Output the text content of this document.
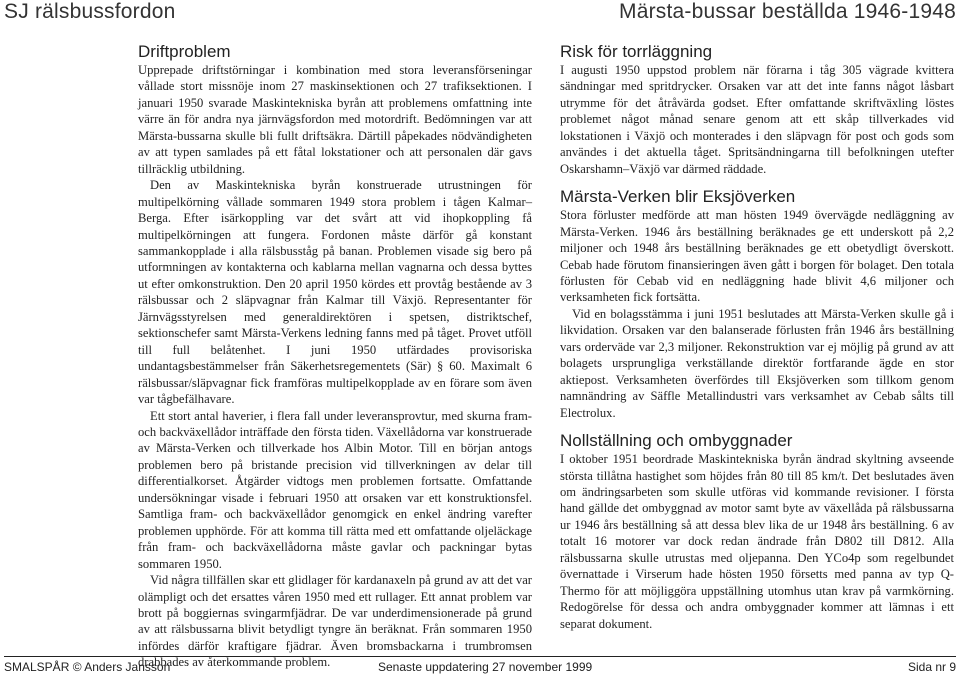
SJ rälsbussfordon	Märsta-bussar beställda 1946-1948
Driftproblem

Upprepade driftstörningar i kombination med stora leveransförseningar vållade stort missnöje inom 27 maskinsektionen och 27 trafiksektionen. I januari 1950 svarade Maskintekniska byrån att problemens omfattning inte värre än för andra nya järnvägsfordon med motordrift. Bedömningen var att Märsta-bussarna skulle bli fullt driftsäkra. Därtill påpekades nödvändigheten av att typen samlades på ett fåtal lokstationer och att personalen där gavs tillräcklig utbildning.

Den av Maskintekniska byrån konstruerade utrustningen för multipelkörning vållade sommaren 1949 stora problem i tågen Kalmar–Berga. Efter isärkoppling var det svårt att vid ihopkoppling få multipelkörningen att fungera. Fordonen måste därför gå konstant sammankopplade i alla rälsbusståg på banan. Problemen visade sig bero på utformningen av kontakterna och kablarna mellan vagnarna och dessa byttes ut efter omkonstruktion. Den 20 april 1950 kördes ett provtåg bestående av 3 rälsbussar och 2 släpvagnar från Kalmar till Växjö. Representanter för Järnvägsstyrelsen med generaldirektören i spetsen, distriktschef, sektionschefer samt Märsta-Verkens ledning fanns med på tåget. Provet utföll till full belåtenhet. I juni 1950 utfärdades provisoriska undantagsbestämmelser från Säkerhetsregementets (Sär) § 60. Maximalt 6 rälsbussar/släpvagnar fick framföras multipelkopplade av en förare som även var tågbefälhavare.

Ett stort antal haverier, i flera fall under leveransprovtur, med skurna fram- och backväxellådor inträffade den första tiden. Växellådorna var konstruerade av Märsta-Verken och tillverkade hos Albin Motor. Till en början antogs problemen bero på bristande precision vid tillverkningen av delar till differentialkorset. Åtgärder vidtogs men problemen fortsatte. Omfattande undersökningar visade i februari 1950 att orsaken var ett konstruktionsfel. Samtliga fram- och backväxellådor genomgick en enkel ändring varefter problemen upphörde. För att komma till rätta med ett omfattande oljeläckage från fram- och backväxellådorna måste gavlar och packningar bytas sommaren 1950.

Vid några tillfällen skar ett glidlager för kardanaxeln på grund av att det var olämpligt och det ersattes våren 1950 med ett rullager. Ett annat problem var brott på boggiernas svingarmfjädrar. De var underdimensionerade på grund av att rälsbussarna blivit betydligt tyngre än beräknat. Från sommaren 1950 infördes därför kraftigare fjädrar. Även bromsbackarna i trumbromsen drabbades av återkommande problem.

Risk för torrläggning

I augusti 1950 uppstod problem när förarna i tåg 305 vägrade kvittera sändningar med spritdrycker. Orsaken var att det inte fanns något låsbart utrymme för det åtråvärda godset. Efter omfattande skriftväxling löstes problemet något månad senare genom att ett skåp tillverkades vid lokstationen i Växjö och monterades i den släpvagn för post och gods som användes i det aktuella tåget. Spritsändningarna till befolkningen utefter Oskarshamn–Växjö var därmed räddade.

Märsta-Verken blir Eksjöverken

Stora förluster medförde att man hösten 1949 övervägde nedläggning av Märsta-Verken. 1946 års beställning beräknades ge ett underskott på 2,2 miljoner och 1948 års beställning beräknades ge ett obetydligt överskott. Cebab hade förutom finansieringen även gått i borgen för bolaget. Den totala förlusten för Cebab vid en nedläggning hade blivit 4,6 miljoner och verksamheten fick fortsätta.

Vid en bolagsstämma i juni 1951 beslutades att Märsta-Verken skulle gå i likvidation. Orsaken var den balanserade förlusten från 1946 års beställning vars orderväde var 2,3 miljoner. Rekonstruktion var ej möjlig på grund av att bolagets ursprungliga verkställande direktör fortfarande ägde en stor aktiepost. Verksamheten överfördes till Eksjöverken som tillkom genom namnändring av Säffle Metallindustri vars verksamhet av Cebab sålts till Electrolux.

Nollställning och ombyggnader

I oktober 1951 beordrade Maskintekniska byrån ändrad skyltning avseende största tillåtna hastighet som höjdes från 80 till 85 km/t. Det beslutades även om ändringsarbeten som skulle utföras vid kommande revisioner. I första hand gällde det ombyggnad av motor samt byte av växellåda på rälsbussarna ur 1946 års beställning så att dessa blev lika de ur 1948 års beställning. 6 av totalt 16 motorer var dock redan ändrade från D802 till D812. Alla rälsbussarna skulle utrustas med oljepanna. Den YCo4p som regelbundet övernattade i Virserum hade hösten 1950 försetts med panna av typ Q-Thermo för att möjliggöra uppställning utomhus utan krav på varmkörning. Redogörelse för dessa och andra ombyggnader kommer att lämnas i ett separat dokument.

SMALSPÅR © Anders Jansson	Senaste uppdatering 27 november 1999	Sida nr 9
